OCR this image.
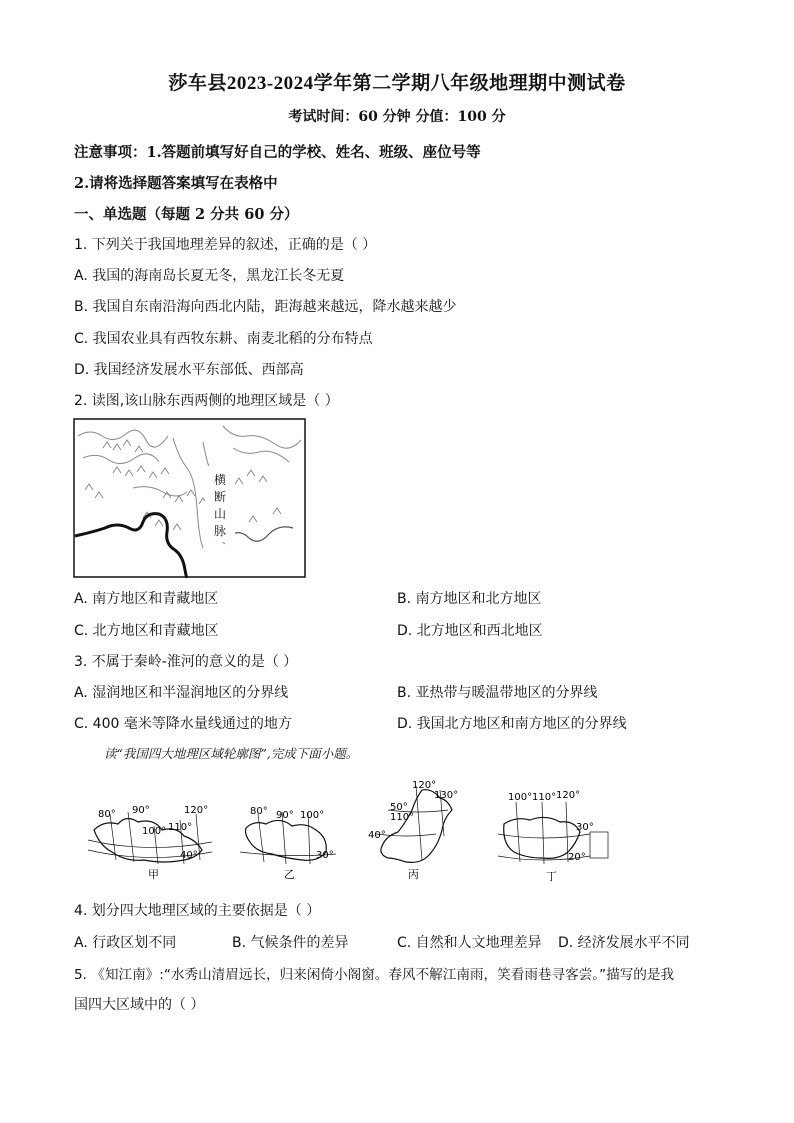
莎车县2023-2024学年第二学期八年级地理期中测试卷
考试时间：60 分钟 分值：100 分
注意事项：1.答题前填写好自己的学校、姓名、班级、座位号等
2.请将选择题答案填写在表格中
一、单选题（每题 2 分共 60 分）
1. 下列关于我国地理差异的叙述，正确的是（ ）
A. 我国的海南岛长夏无冬，黑龙江长冬无夏
B. 我国自东南沿海向西北内陆，距海越来越远，降水越来越少
C. 我国农业具有西牧东耕、南麦北稻的分布特点
D. 我国经济发展水平东部低、西部高
2. 读图,该山脉东西两侧的地理区域是（ ）
横
断
山
脉
A. 南方地区和青藏地区	B. 南方地区和北方地区
C. 北方地区和青藏地区	D. 北方地区和西北地区
3. 不属于秦岭-淮河的意义的是（ ）
A. 湿润地区和半湿润地区的分界线	B. 亚热带与暖温带地区的分界线
C. 400 毫米等降水量线通过的地方	D. 我国北方地区和南方地区的分界线
读“我国四大地理区域轮廓图”,完成下面小题。
80° 90°	120°
100° 110°
40°
甲
80° 90° 100°
30°
乙
120°
130°
50°
110°
40°
丙
100° 110° 120°
30°
20°
丁
4. 划分四大地理区域的主要依据是（ ）
A. 行政区划不同	B. 气候条件的差异	C. 自然和人文地理差异 D. 经济发展水平不同
5. 《知江南》:“水秀山清眉远长，归来闲倚小阁窗。春风不解江南雨，笑看雨巷寻客尝。”描写的是我
国四大区域中的（ ）
